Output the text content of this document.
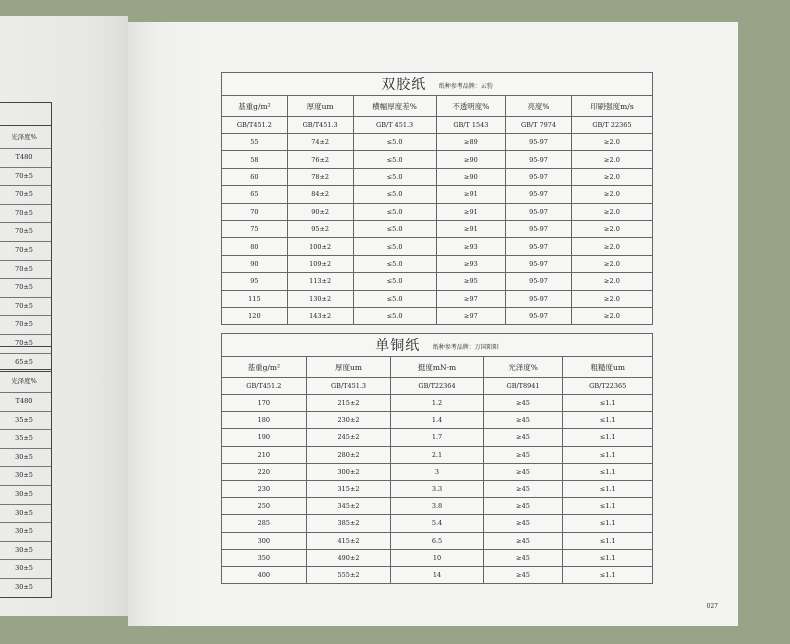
光泽度%
T480
70±5
70±5
70±5
70±5
70±5
70±5
70±5
70±5
70±5
70±5
65±5
光泽度%
T480
35±5
35±5
30±5
30±5
30±5
30±5
30±5
30±5
30±5
30±5
双胶纸 纸种参考品牌：云豹					
基重g/m²	厚度um	横幅厚度差%	不透明度%	亮度%	印刷强度m/s
GB/T451.2	GB/T451.3	GB/T 451.3	GB/T 1543	GB/T 7974	GB/T 22365
55	74±2	≤5.0	≥89	95-97	≥2.0
58	76±2	≤5.0	≥90	95-97	≥2.0
60	78±2	≤5.0	≥90	95-97	≥2.0
65	84±2	≤5.0	≥91	95-97	≥2.0
70	90±2	≤5.0	≥91	95-97	≥2.0
75	95±2	≤5.0	≥91	95-97	≥2.0
80	100±2	≤5.0	≥93	95-97	≥2.0
90	109±2	≤5.0	≥93	95-97	≥2.0
95	113±2	≤5.0	≥95	95-97	≥2.0
115	130±2	≤5.0	≥97	95-97	≥2.0
120	143±2	≤5.0	≥97	95-97	≥2.0
单铜纸 纸种参考品牌：万国阳阳				
基重g/m²	厚度um	挺度mN-m	光泽度%	粗糙度um
GB/T451.2	GB/T451.3	GB/T22364	GB/T8941	GB/T22365
170	215±2	1.2	≥45	≤1.1
180	230±2	1.4	≥45	≤1.1
190	245±2	1.7	≥45	≤1.1
210	280±2	2.1	≥45	≤1.1
220	300±2	3	≥45	≤1.1
230	315±2	3.3	≥45	≤1.1
250	345±2	3.8	≥45	≤1.1
285	385±2	5.4	≥45	≤1.1
300	415±2	6.5	≥45	≤1.1
350	490±2	10	≥45	≤1.1
400	555±2	14	≥45	≤1.1
027
